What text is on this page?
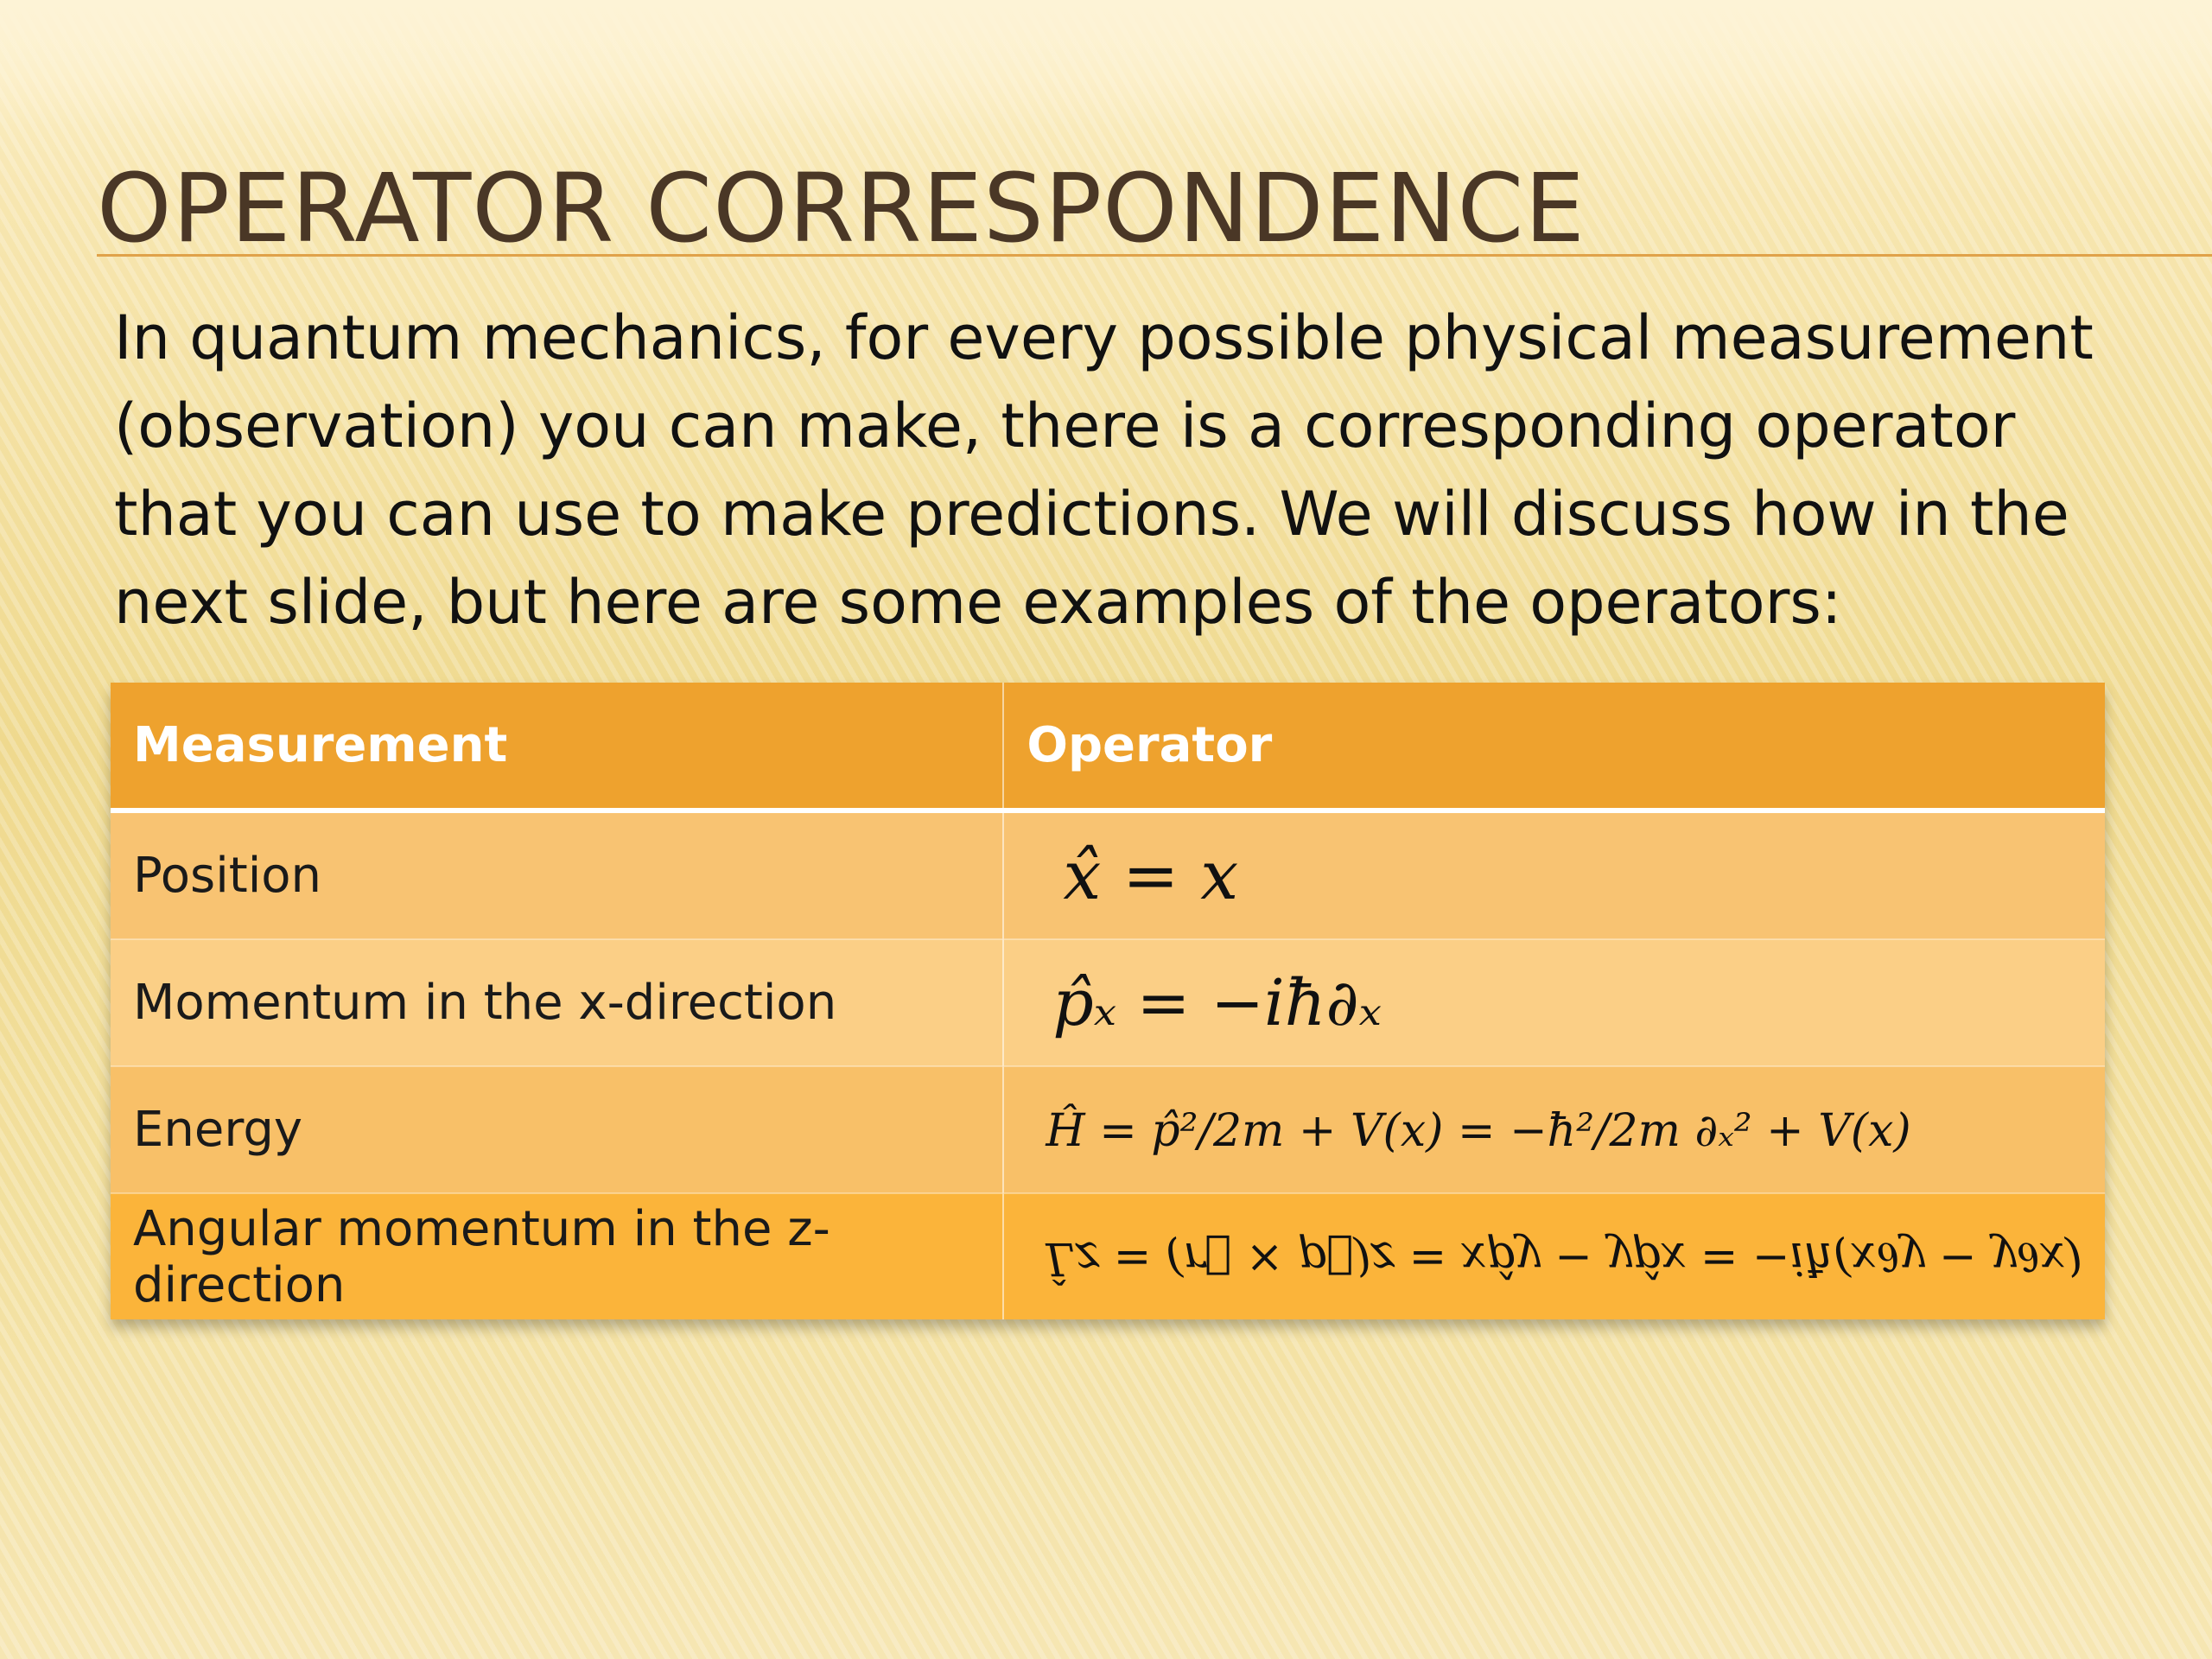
OPERATOR CORRESPONDENCE

In quantum mechanics, for every possible physical measurement (observation) you can make, there is a corresponding operator that you can use to make predictions. We will discuss how in the next slide, but here are some examples of the operators:

Measurement	Operator
Position	x̂ = x
Momentum in the x-direction	p̂ₓ = −iħ∂ₓ
Energy	Ĥ = p̂²/2m + V(x) = −ħ²/2m ∂ₓ² + V(x)
Angular momentum in the z-direction	L̂z = (r⃗ × p⃗)z = xp̂y − yp̂x = −iħ(x∂y − y∂x)
